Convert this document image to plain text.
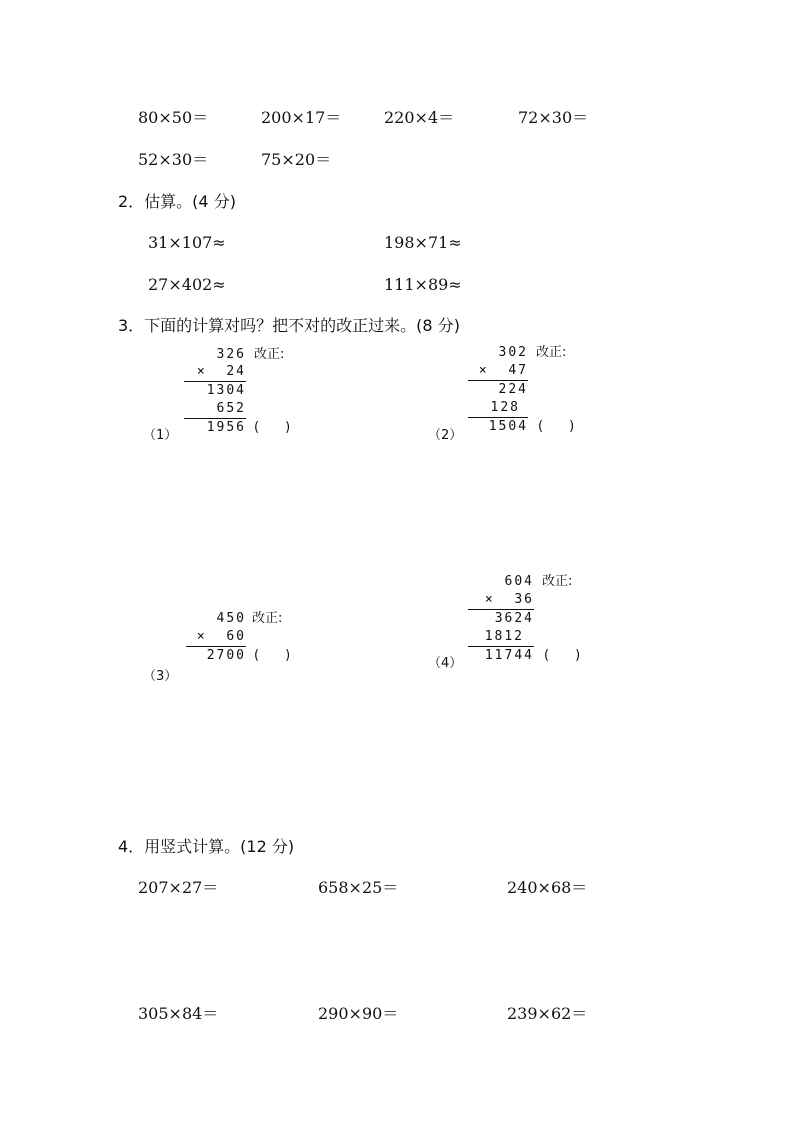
80×50＝	200×17＝	220×4＝	72×30＝
52×30＝	75×20＝
2．估算。(4 分)
31×107≈	198×71≈
27×402≈	111×89≈
3．下面的计算对吗？把不对的改正过来。(8 分)
326 改正:
×  24
1304
652
1956 (　　)
（1）
302 改正:
×  47
224
128
1504 (　　)
（2）
450 改正:
×  60
2700 (　　)
（3）
604 改正:
×  36
3624
1812
11744 (　　)
（4）
4．用竖式计算。(12 分)
207×27＝	658×25＝	240×68＝
305×84＝	290×90＝	239×62＝
